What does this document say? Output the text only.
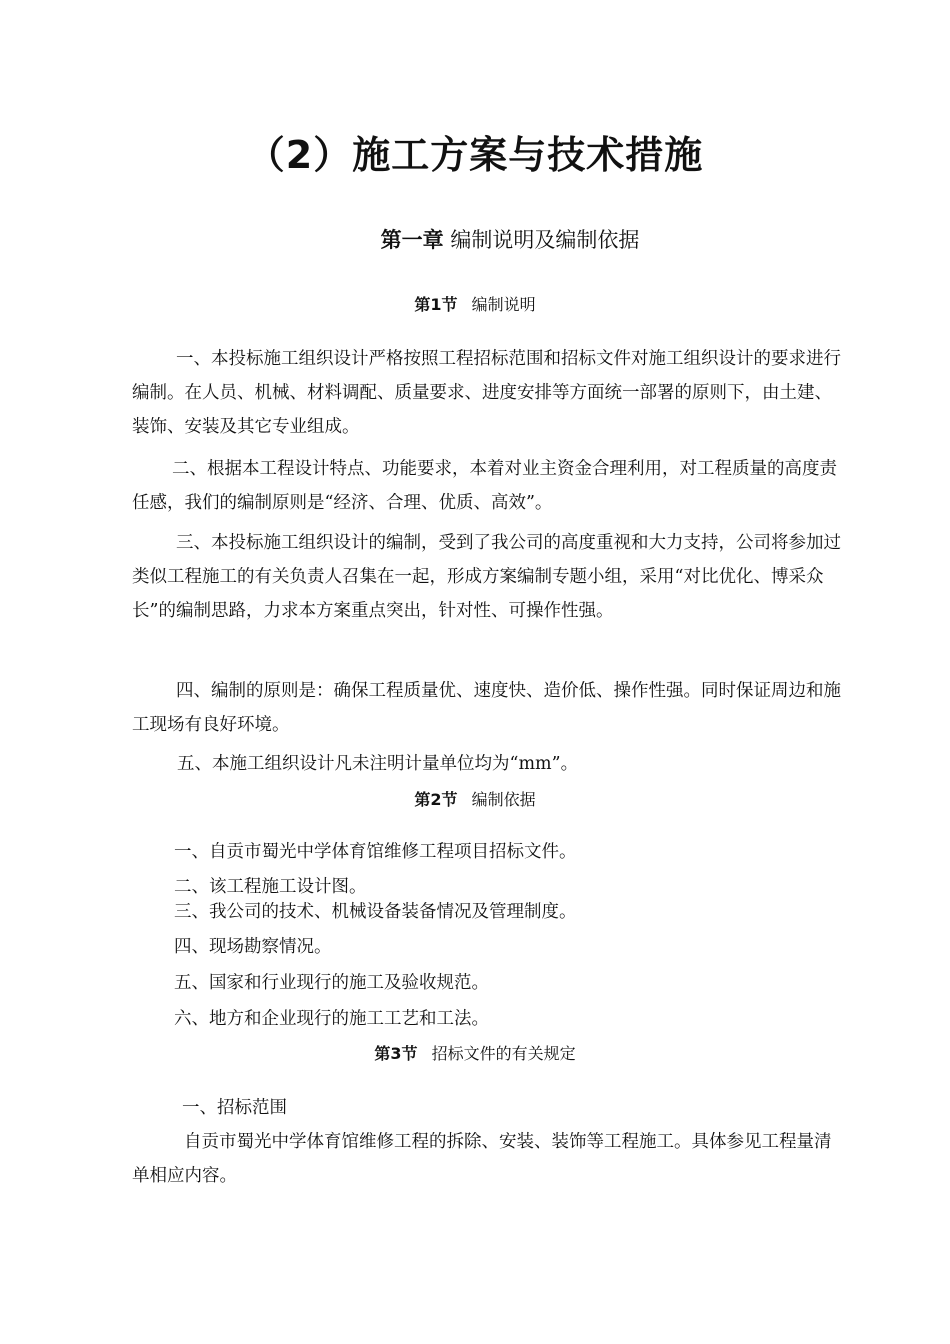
（2）施工方案与技术措施
第一章 编制说明及编制依据
第1节 编制说明

一、本投标施工组织设计严格按照工程招标范围和招标文件对施工组织设计的要求进行编制。在人员、机械、材料调配、质量要求、进度安排等方面统一部署的原则下，由土建、装饰、安装及其它专业组成。

二、根据本工程设计特点、功能要求，本着对业主资金合理利用，对工程质量的高度责任感，我们的编制原则是“经济、合理、优质、高效”。

三、本投标施工组织设计的编制，受到了我公司的高度重视和大力支持，公司将参加过类似工程施工的有关负责人召集在一起，形成方案编制专题小组，采用“对比优化、博采众长”的编制思路，力求本方案重点突出，针对性、可操作性强。

四、编制的原则是：确保工程质量优、速度快、造价低、操作性强。同时保证周边和施工现场有良好环境。

五、本施工组织设计凡未注明计量单位均为“mm”。
第2节 编制依据
一、自贡市蜀光中学体育馆维修工程项目招标文件。
二、该工程施工设计图。
三、我公司的技术、机械设备装备情况及管理制度。
四、现场勘察情况。
五、国家和行业现行的施工及验收规范。
六、地方和企业现行的施工工艺和工法。
第3节 招标文件的有关规定
一、招标范围

自贡市蜀光中学体育馆维修工程的拆除、安装、装饰等工程施工。具体参见工程量清单相应内容。
